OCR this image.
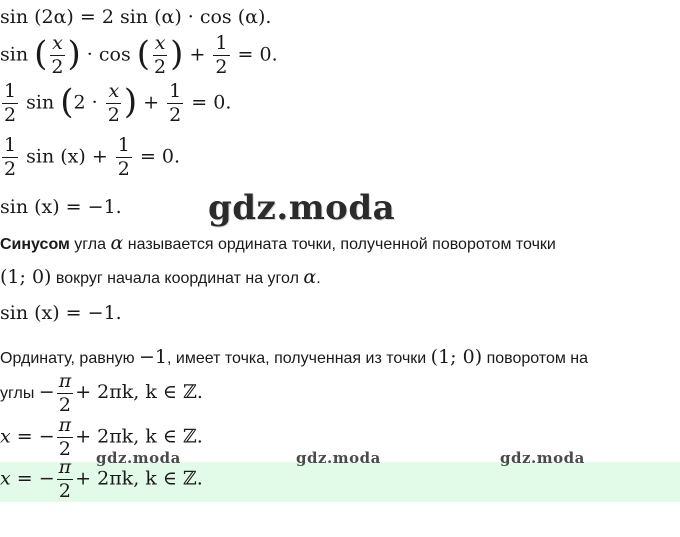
sin (2α) = 2 sin (α) · cos (α).
sin ( $\frac{x}{2}$ ) · cos ( $\frac{x}{2}$ ) + $\frac{1}{2} = 0$.
$\frac{1}{2}$ $\sin (2 \cdot \frac{x}{2}$ ) + $\frac{1}{2} = 0$.
$\frac{1}{2}$ $\sin (x) + \frac{1}{2} = 0$.
sin (x) = −1.	gdz.moda
Синусом угла α называется ордината точки, полученной поворотом точки
(1; 0) вокруг начала координат на угол α.
sin (x) = −1.
Ординату, равную −1, имеет точка, полученная из точки (1; 0) поворотом на
углы − $\frac{\pi}{2} + 2\pi k$, k ∈ ℤ.
x = − $\frac{\pi}{2} + 2\pi k$, k ∈ ℤ.
gdz.moda	gdz.moda	gdz.moda
x = − $\frac{\pi}{2} + 2\pi k$, k ∈ ℤ.
